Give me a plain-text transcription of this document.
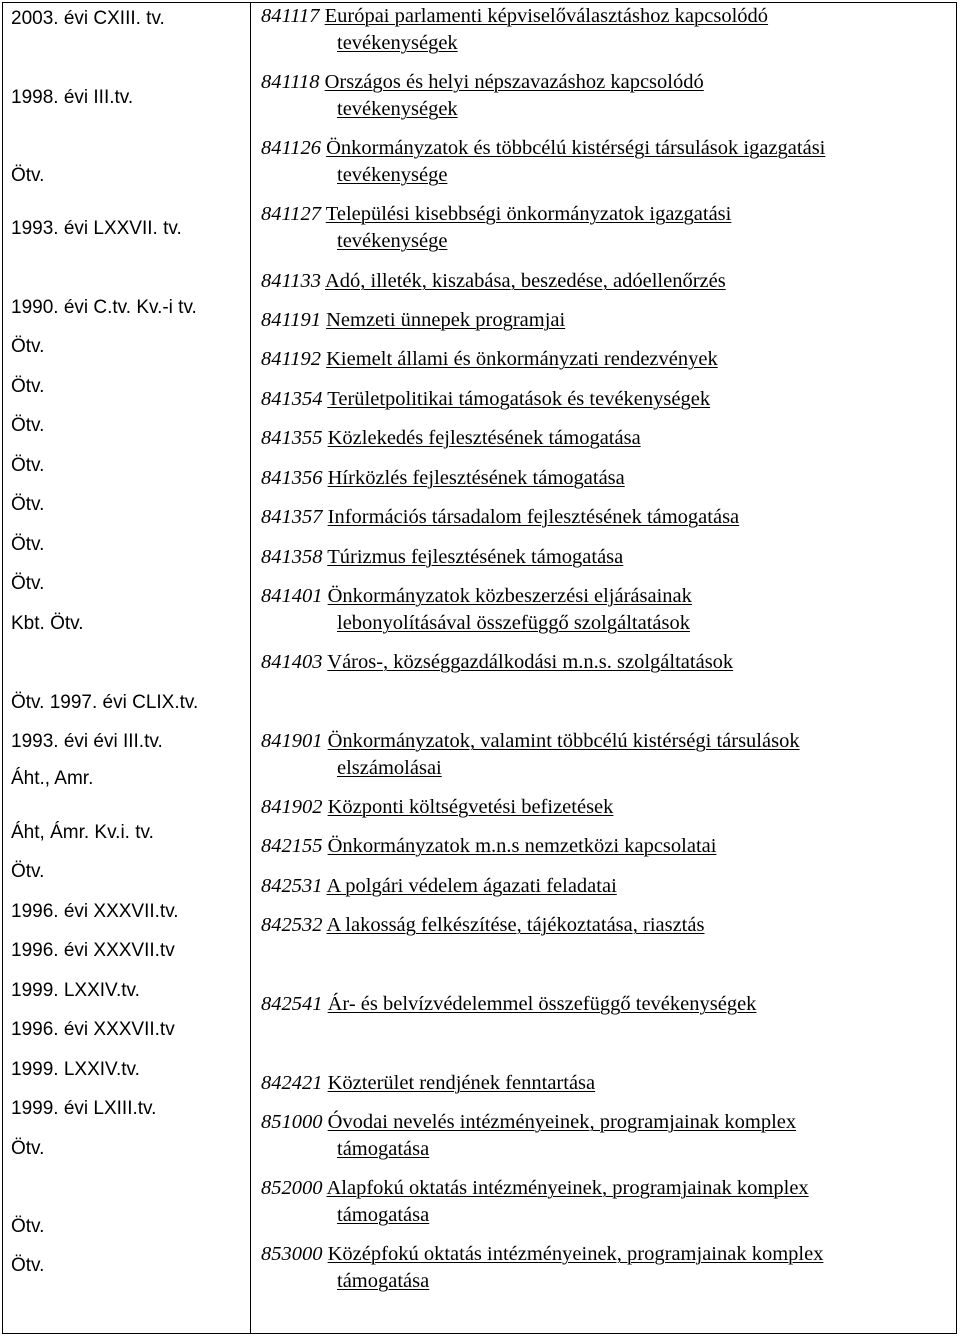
2003. évi CXIII. tv.
1998. évi III.tv.
Ötv.
1993. évi LXXVII. tv.
1990. évi C.tv. Kv.-i tv.
Ötv.
Ötv.
Ötv.
Ötv.
Ötv.
Ötv.
Ötv.
Kbt. Ötv.
Ötv. 1997. évi CLIX.tv.
1993. évi évi III.tv.
Áht., Amr.
Áht, Ámr. Kv.i. tv.
Ötv.
1996. évi XXXVII.tv.
1996. évi XXXVII.tv
1999. LXXIV.tv.
1996. évi XXXVII.tv
1999. LXXIV.tv.
1999. évi LXIII.tv.
Ötv.
Ötv.
Ötv.
841117 Európai parlamenti képviselőválasztáshoz kapcsolódó
tevékenységek
841118 Országos és helyi népszavazáshoz kapcsolódó
tevékenységek
841126 Önkormányzatok és többcélú kistérségi társulások igazgatási
tevékenysége
841127 Települési kisebbségi önkormányzatok igazgatási
tevékenysége
841133 Adó, illeték, kiszabása, beszedése, adóellenőrzés
841191 Nemzeti ünnepek programjai
841192 Kiemelt állami és önkormányzati rendezvények
841354 Területpolitikai támogatások és tevékenységek
841355 Közlekedés fejlesztésének támogatása
841356 Hírközlés fejlesztésének támogatása
841357 Információs társadalom fejlesztésének támogatása
841358 Túrizmus fejlesztésének támogatása
841401 Önkormányzatok közbeszerzési eljárásainak
lebonyolításával összefüggő szolgáltatások
841403 Város-, községgazdálkodási m.n.s. szolgáltatások
841901 Önkormányzatok, valamint többcélú kistérségi társulások
elszámolásai
841902 Központi költségvetési befizetések
842155 Önkormányzatok m.n.s nemzetközi kapcsolatai
842531 A polgári védelem ágazati feladatai
842532 A lakosság felkészítése, tájékoztatása, riasztás
842541 Ár- és belvízvédelemmel összefüggő tevékenységek
842421 Közterület rendjének fenntartása
851000 Óvodai nevelés intézményeinek, programjainak komplex
támogatása
852000 Alapfokú oktatás intézményeinek, programjainak komplex
támogatása
853000 Középfokú oktatás intézményeinek, programjainak komplex
támogatása
